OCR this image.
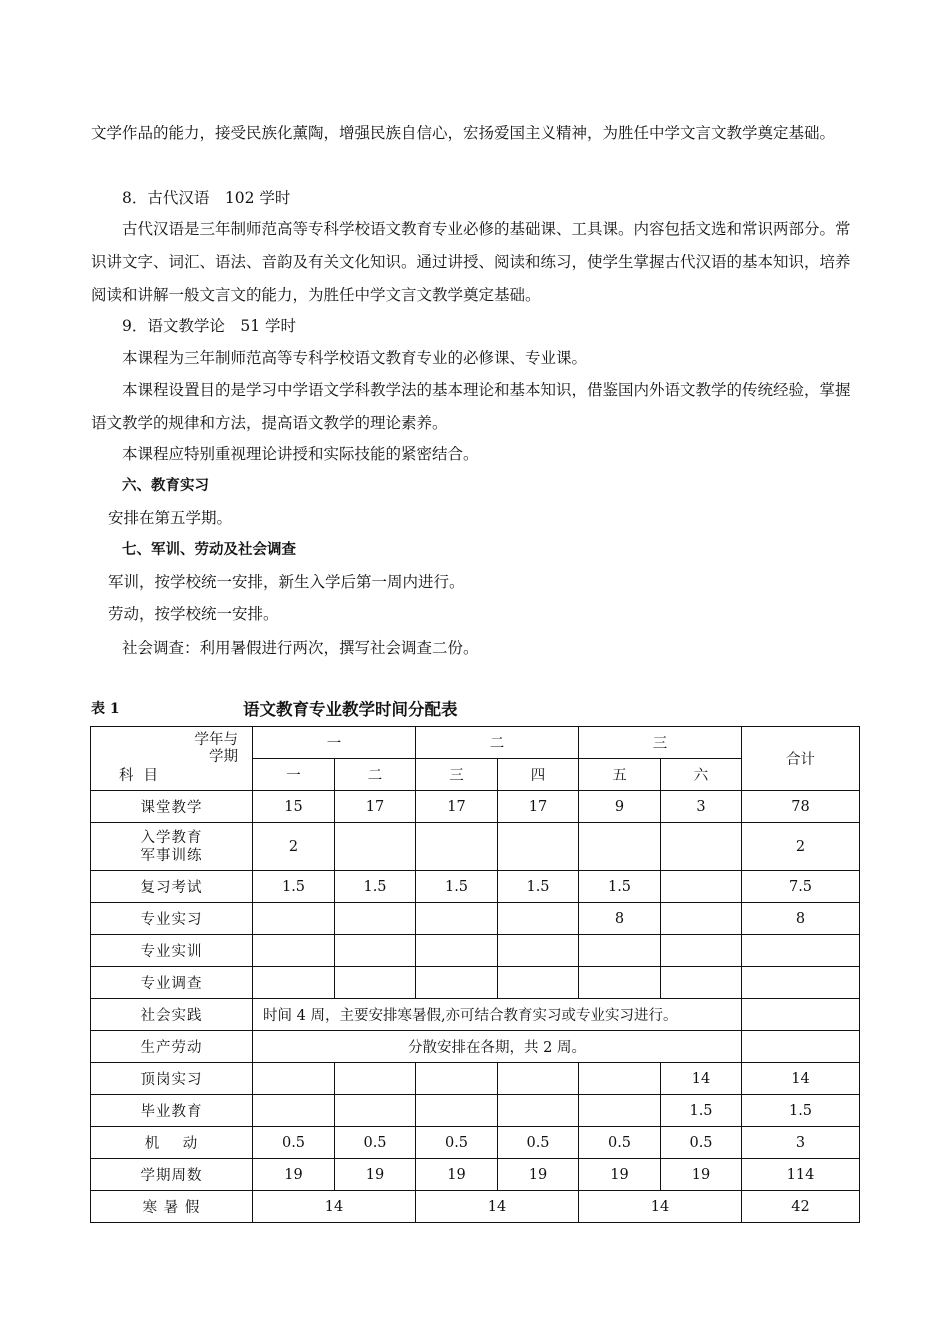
文学作品的能力，接受民族化薰陶，增强民族自信心，宏扬爱国主义精神，为胜任中学文言文教学奠定基础。

8．古代汉语　102 学时

古代汉语是三年制师范高等专科学校语文教育专业必修的基础课、工具课。内容包括文选和常识两部分。常识讲文字、词汇、语法、音韵及有关文化知识。通过讲授、阅读和练习，使学生掌握古代汉语的基本知识，培养阅读和讲解一般文言文的能力，为胜任中学文言文教学奠定基础。

9．语文教学论　51 学时

本课程为三年制师范高等专科学校语文教育专业的必修课、专业课。

本课程设置目的是学习中学语文学科教学法的基本理论和基本知识，借鉴国内外语文教学的传统经验，掌握语文教学的规律和方法，提高语文教学的理论素养。

本课程应特别重视理论讲授和实际技能的紧密结合。

六、教育实习

安排在第五学期。

七、军训、劳动及社会调查

军训，按学校统一安排，新生入学后第一周内进行。

劳动，按学校统一安排。

社会调查：利用暑假进行两次，撰写社会调查二份。

表 1	语文教育专业教学时间分配表
学年与
学期
科目	一		二		三		合计
	一	二	三	四	五	六	
课堂教学	15	17	17	17	9	3	78

入学教育
军事训练	2						2
复习考试	1.5	1.5	1.5	1.5	1.5		7.5
专业实习					8		8
专业实训							
专业调查							
社会实践	时间 4 周，主要安排寒暑假,亦可结合教育实习或专业实习进行。						
生产劳动	分散安排在各期，共 2 周。						
顶岗实习						14	14
毕业教育						1.5	1.5
机    动	0.5	0.5	0.5	0.5	0.5	0.5	3
学期周数	19	19	19	19	19	19	114
寒 暑 假	14		14		14		42
